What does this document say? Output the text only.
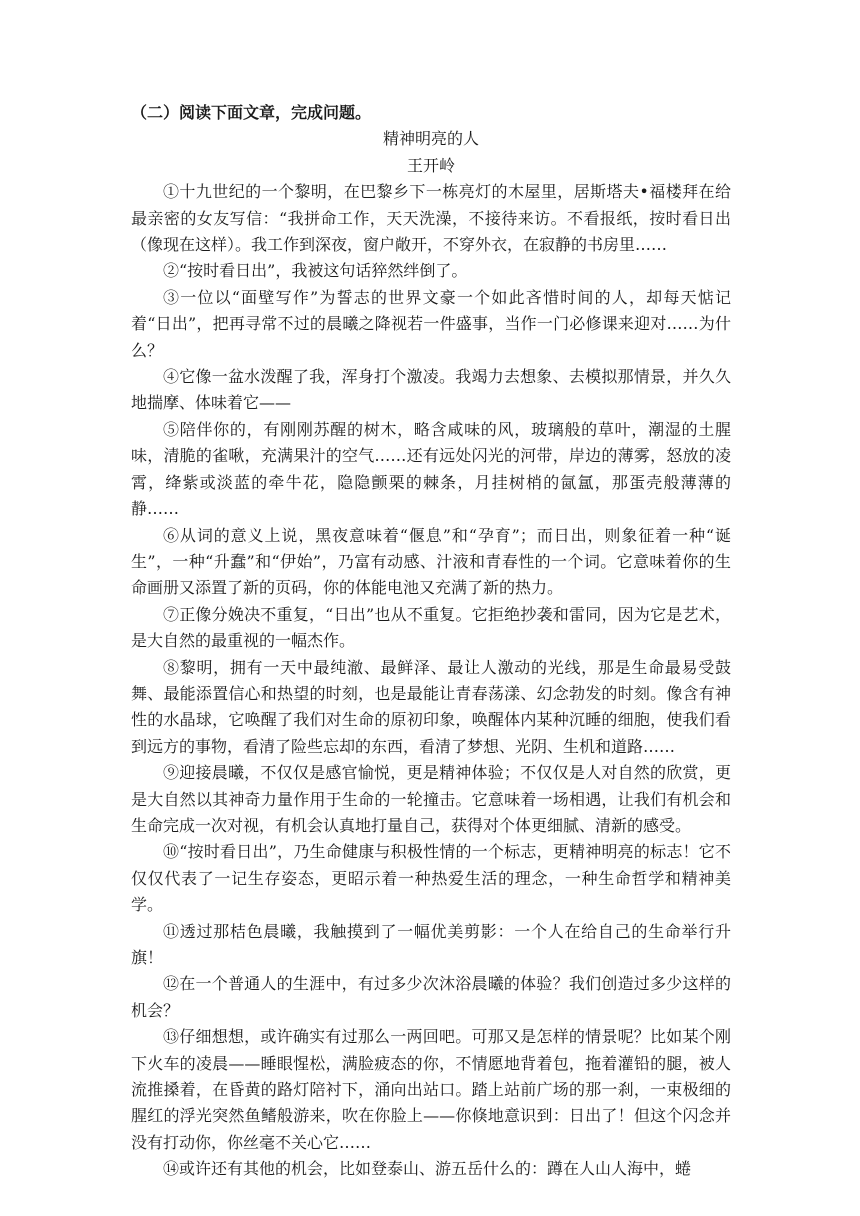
（二）阅读下面文章，完成问题。

精神明亮的人

王开岭

①十九世纪的一个黎明，在巴黎乡下一栋亮灯的木屋里，居斯塔夫•福楼拜在给最亲密的女友写信：“我拼命工作，天天洗澡，不接待来访。不看报纸，按时看日出（像现在这样）。我工作到深夜，窗户敞开，不穿外衣，在寂静的书房里……

②“按时看日出”，我被这句话猝然绊倒了。

③一位以“面壁写作”为誓志的世界文豪一个如此吝惜时间的人，却每天惦记着“日出”，把再寻常不过的晨曦之降视若一件盛事，当作一门必修课来迎对……为什么？

④它像一盆水泼醒了我，浑身打个激凌。我竭力去想象、去模拟那情景，并久久地揣摩、体味着它——

⑤陪伴你的，有刚刚苏醒的树木，略含咸味的风，玻璃般的草叶，潮湿的土腥味，清脆的雀啾，充满果汁的空气……还有远处闪光的河带，岸边的薄雾，怒放的凌霄，绛紫或淡蓝的牵牛花，隐隐颤栗的棘条，月挂树梢的氤氲，那蛋壳般薄薄的静……

⑥从词的意义上说，黑夜意味着“偃息”和“孕育”；而日出，则象征着一种“诞生”，一种“升蠢”和“伊始”，乃富有动感、汁液和青春性的一个词。它意味着你的生命画册又添置了新的页码，你的体能电池又充满了新的热力。

⑦正像分娩决不重复，“日出”也从不重复。它拒绝抄袭和雷同，因为它是艺术，是大自然的最重视的一幅杰作。

⑧黎明，拥有一天中最纯澈、最鲜泽、最让人激动的光线，那是生命最易受鼓舞、最能添置信心和热望的时刻，也是最能让青春荡漾、幻念勃发的时刻。像含有神性的水晶球，它唤醒了我们对生命的原初印象，唤醒体内某种沉睡的细胞，使我们看到远方的事物，看清了险些忘却的东西，看清了梦想、光阴、生机和道路……

⑨迎接晨曦，不仅仅是感官愉悦，更是精神体验；不仅仅是人对自然的欣赏，更是大自然以其神奇力量作用于生命的一轮撞击。它意味着一场相遇，让我们有机会和生命完成一次对视，有机会认真地打量自己，获得对个体更细腻、清新的感受。

⑩“按时看日出”，乃生命健康与积极性情的一个标志，更精神明亮的标志！它不仅仅代表了一记生存姿态，更昭示着一种热爱生活的理念，一种生命哲学和精神美学。

⑪透过那桔色晨曦，我触摸到了一幅优美剪影：一个人在给自己的生命举行升旗！

⑫在一个普通人的生涯中，有过多少次沐浴晨曦的体验？我们创造过多少这样的机会？

⑬仔细想想，或许确实有过那么一两回吧。可那又是怎样的情景呢？比如某个刚下火车的凌晨——睡眼惺松，满脸疲态的你，不情愿地背着包，拖着灌铅的腿，被人流推搡着，在昏黄的路灯陪衬下，涌向出站口。踏上站前广场的那一刹，一束极细的腥红的浮光突然鱼鳍般游来，吹在你脸上——你倏地意识到：日出了！但这个闪念并没有打动你，你丝毫不关心它……

⑭或许还有其他的机会，比如登泰山、游五岳什么的：蹲在人山人海中，蜷
